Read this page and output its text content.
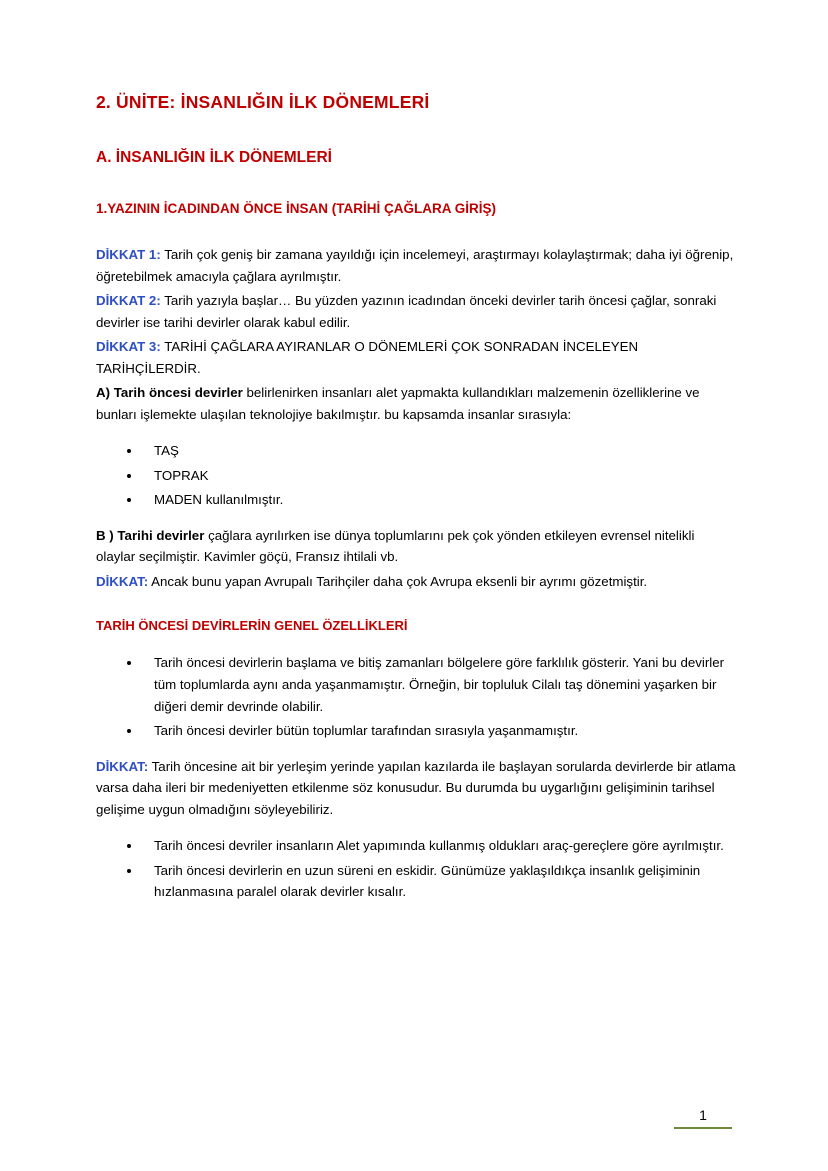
2. ÜNİTE: İNSANLIĞIN İLK DÖNEMLERİ
A. İNSANLIĞIN İLK DÖNEMLERİ
1.YAZININ İCADINDAN ÖNCE İNSAN (TARİHİ ÇAĞLARA GİRİŞ)

DİKKAT 1: Tarih çok geniş bir zamana yayıldığı için incelemeyi, araştırmayı kolaylaştırmak; daha iyi öğrenip, öğretebilmek amacıyla çağlara ayrılmıştır.

DİKKAT 2: Tarih yazıyla başlar… Bu yüzden yazının icadından önceki devirler tarih öncesi çağlar, sonraki devirler ise tarihi devirler olarak kabul edilir.

DİKKAT 3: TARİHİ ÇAĞLARA AYIRANLAR O DÖNEMLERİ ÇOK SONRADAN İNCELEYEN TARİHÇİLERDİR.

A) Tarih öncesi devirler belirlenirken insanları alet yapmakta kullandıkları malzemenin özelliklerine ve bunları işlemekte ulaşılan teknolojiye bakılmıştır. bu kapsamda insanlar sırasıyla:

• TAŞ
• TOPRAK
• MADEN kullanılmıştır.

B ) Tarihi devirler çağlara ayrılırken ise dünya toplumlarını pek çok yönden etkileyen evrensel nitelikli olaylar seçilmiştir. Kavimler göçü, Fransız ihtilali vb.

DİKKAT: Ancak bunu yapan Avrupalı Tarihçiler daha çok Avrupa eksenli bir ayrımı gözetmiştir.

TARİH ÖNCESİ DEVİRLERİN GENEL ÖZELLİKLERİ
• Tarih öncesi devirlerin başlama ve bitiş zamanları bölgelere göre farklılık gösterir. Yani bu devirler tüm toplumlarda aynı anda yaşanmamıştır. Örneğin, bir topluluk Cilalı taş dönemini yaşarken bir diğeri demir devrinde olabilir.
• Tarih öncesi devirler bütün toplumlar tarafından sırasıyla yaşanmamıştır.

DİKKAT: Tarih öncesine ait bir yerleşim yerinde yapılan kazılarda ile başlayan sorularda devirlerde bir atlama varsa daha ileri bir medeniyetten etkilenme söz konusudur. Bu durumda bu uygarlığını gelişiminin tarihsel gelişime uygun olmadığını söyleyebiliriz.

• Tarih öncesi devriler insanların Alet yapımında kullanmış oldukları araç-gereçlere göre ayrılmıştır.
• Tarih öncesi devirlerin en uzun süreni en eskidir. Günümüze yaklaşıldıkça insanlık gelişiminin hızlanmasına paralel olarak devirler kısalır.
1
